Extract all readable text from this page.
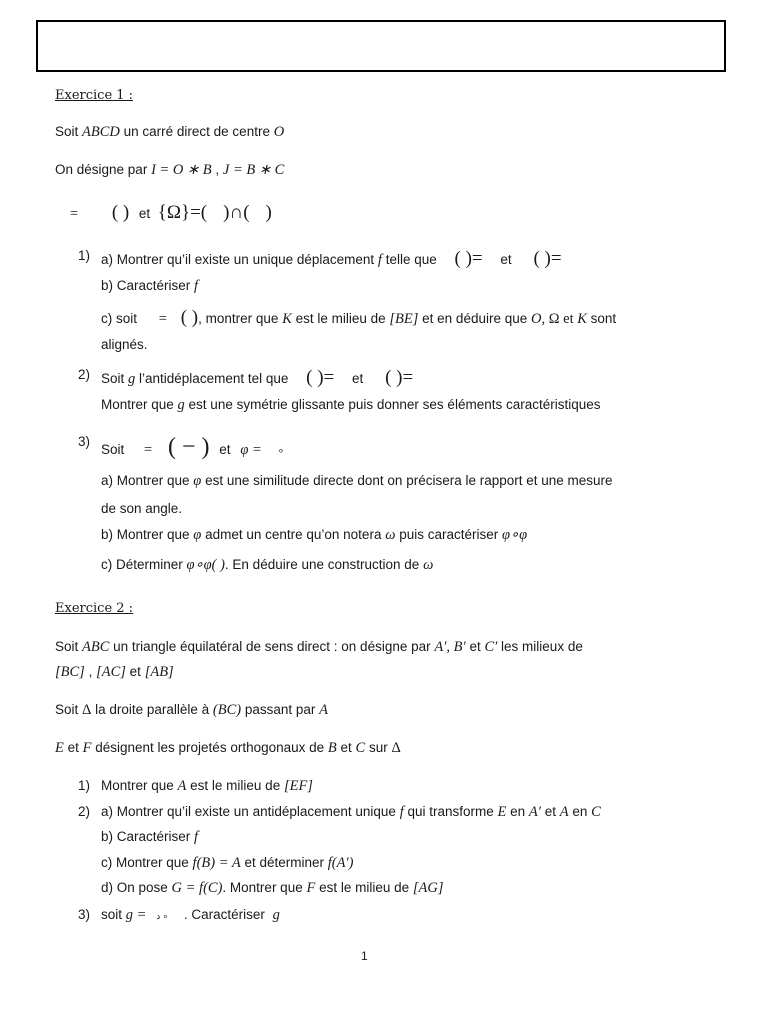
Exercice 1 :
Soit ABCD un carré direct de centre O
On désigne par I = O ∗ B , J = B ∗ C
= ( ) et {Ω}=( )∩( )
1) a) Montrer qu’il existe un unique déplacement f telle que ( )= et ( )=
b) Caractériser f
c) soit = ( ), montrer que K est le milieu de [BE] et en déduire que O, Ω et K sont
alignés.
2) Soit g l’antidéplacement tel que ( )= et ( )=
Montrer que g est une symétrie glissante puis donner ses éléments caractéristiques
3)
Soit = ( − ) et φ = ∘
a) Montrer que φ est une similitude directe dont on précisera le rapport et une mesure
de son angle.
b) Montrer que φ admet un centre qu’on notera ω puis caractériser φ∘φ
c) Déterminer φ∘φ( ). En déduire une construction de ω
Exercice 2 :
Soit ABC un triangle équilatéral de sens direct : on désigne par A′, B′ et C′ les milieux de
[BC] , [AC] et [AB]
Soit Δ la droite parallèle à (BC) passant par A
E et F désignent les projetés orthogonaux de B et C sur Δ
1) Montrer que A est le milieu de [EF]
2) a) Montrer qu’il existe un antidéplacement unique f qui transforme E en A′ et A en C
b) Caractériser f
c) Montrer que f(B) = A et déterminer f(A′)
d) On pose G = f(C). Montrer que F est le milieu de [AG]
3) soit g = د ∘ . Caractériser g
1
